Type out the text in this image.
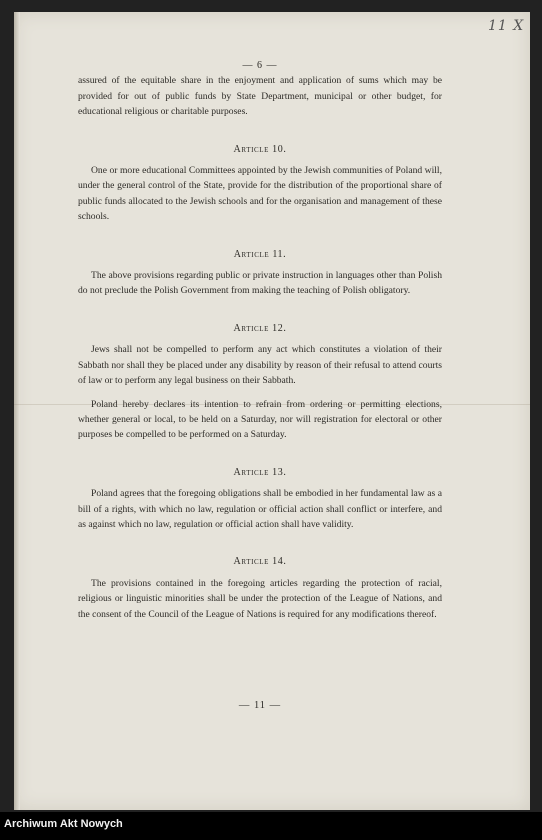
11 X
— 6 —

assured of the equitable share in the enjoyment and application of sums which may be provided for out of public funds by State Department, municipal or other budget, for educational religious or charitable purposes.

Article 10.

One or more educational Committees appointed by the Jewish communities of Poland will, under the general control of the State, provide for the distribution of the proportional share of public funds allocated to the Jewish schools and for the organisation and management of these schools.

Article 11.

The above provisions regarding public or private instruction in languages other than Polish do not preclude the Polish Government from making the teaching of Polish obligatory.

Article 12.

Jews shall not be compelled to perform any act which constitutes a violation of their Sabbath nor shall they be placed under any disability by reason of their refusal to attend courts of law or to perform any legal business on their Sabbath.

Poland hereby declares its intention to refrain from ordering or permitting elections, whether general or local, to be held on a Saturday, nor will registration for electoral or other purposes be compelled to be performed on a Saturday.

Article 13.

Poland agrees that the foregoing obligations shall be embodied in her fundamental law as a bill of a rights, with which no law, regulation or official action shall conflict or interfere, and as against which no law, regulation or official action shall have validity.

Article 14.

The provisions contained in the foregoing articles regarding the protection of racial, religious or linguistic minorities shall be under the protection of the League of Nations, and the consent of the Council of the League of Nations is required for any modifications thereof.

— 11 —
Archiwum Akt Nowych
